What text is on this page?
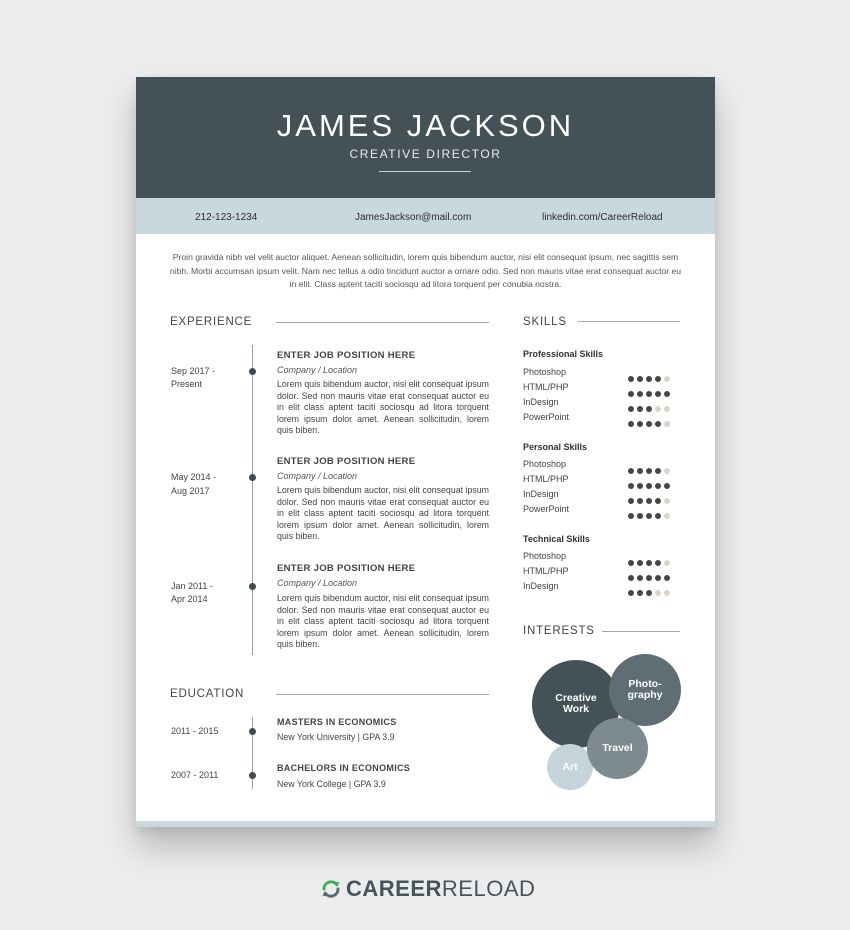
JAMES JACKSON
CREATIVE DIRECTOR
212-123-1234	JamesJackson@mail.com	linkedin.com/CareerReload
Proin gravida nibh vel velit auctor aliquet. Aenean sollicitudin, lorem quis bibendum auctor, nisi elit consequat ipsum, nec sagittis sem nibh. Morbi accumsan ipsum velit. Nam nec tellus a odio tincidunt auctor a ornare odio. Sed non mauris vitae erat consequat auctor eu in elit. Class aptent taciti sociosqu ad litora torquent per conubia nostra.
EXPERIENCE
Sep 2017 -
Present
ENTER JOB POSITION HERE
Company / Location
Lorem quis bibendum auctor, nisi elit consequat ipsum dolor. Sed non mauris vitae erat consequat auctor eu in elit class aptent taciti sociosqu ad litora torquent lorem ipsum dolor amet. Aenean sollicitudin, lorem quis biben.
May 2014 -
Aug 2017
ENTER JOB POSITION HERE
Company / Location
Lorem quis bibendum auctor, nisi elit consequat ipsum dolor. Sed non mauris vitae erat consequat auctor eu in elit class aptent taciti sociosqu ad litora torquent lorem ipsum dolor amet. Aenean sollicitudin, lorem quis biben.
Jan 2011 -
Apr 2014
ENTER JOB POSITION HERE
Company / Location
Lorem quis bibendum auctor, nisi elit consequat ipsum dolor. Sed non mauris vitae erat consequat auctor eu in elit class aptent taciti sociosqu ad litora torquent lorem ipsum dolor amet. Aenean sollicitudin, lorem quis biben.
EDUCATION
2011 - 2015
MASTERS IN ECONOMICS
New York University | GPA 3.9
2007 - 2011
BACHELORS IN ECONOMICS
New York College | GPA 3.9
SKILLS
Professional Skills
Photoshop
HTML/PHP
InDesign
PowerPoint
Personal Skills
Photoshop
HTML/PHP
InDesign
PowerPoint
Technical Skills
Photoshop
HTML/PHP
InDesign
INTERESTS
Creative
Work
Photo-
graphy
Travel
Art
CAREERRELOAD
